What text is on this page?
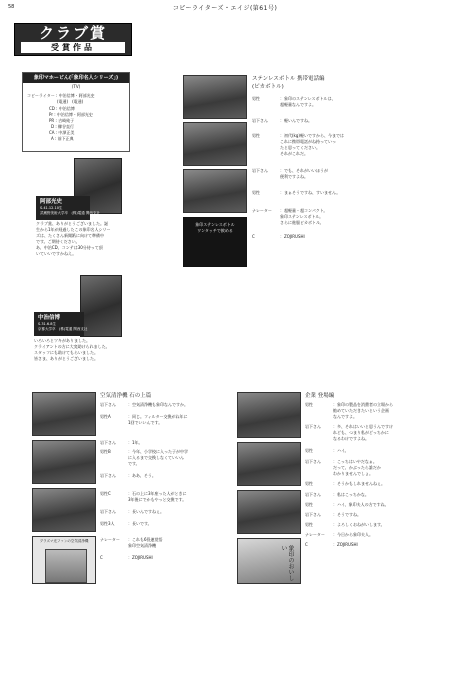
58	コピーライターズ・エイジ(第61号)
クラブ賞
受賞作品
象印マホービん(「象印名人シリーズ」)
(TV)
コピーライター : 中治信博・阿部光史
(電通)　(電通)
CD : 中治信博
Pr : 中治信博・阿部光史
PR : 吉崎純子
D : 櫛谷直行
CA : 中澤正美
A : 前下正典
阿部光史
S.41.12.10生
武蔵野美術大学卒　(株)電通 関西支社
クラブ賞、ありがとうございました。誕
生から1年が経過したこの象印名人シリー
ズは、たくさん新聞紙に向けて準備中
です。ご期待ください。
あ、中治CD、コンテは30分待って頂
いていいですかねえ。
中治信博
S.31.6.8生
京都大学卒　(株)電通 関西支社
いろいろとツキがありました。
クライアントの方に大変助けられました。
スタッフにも助けてもらいました。
皆さま、ありがとうございました。
象印ステンレスボトル
ワンタッチで飲める
ステンレスボトル 携帯電話編
(ピカボトル)
男性	：象印のステンレスボトルは、
超軽量なんですよ。
岩下さん	：軽いんですね。
男性	：初代(kg)軽いですから、今までは
これに携帯電話がね持っていっ
たと思ってください。
それがこれだ。
岩下さん	：でも、それがいいほうが
便利ですよね。
男性	：まぁそうですね、すいません。
ナレーター ：超軽量・超コンパクト。
象印ステンレスボトル。
さらに進服ピカボトル。
C	：ZOJIRUSHI
プラズマ光ファンの空気清浄機
空気清浄機 石の上篇
岩下さん	：空気清浄機も象印なんですか。
男性A	：同じ。フィルター交換がね年に
1回でいいんです。
岩下さん	：1年。
男性B	：今年、小学校に入った子が中学
に入るまで交換しなくていいん
です。
岩下さん	：ああ、そう。
男性C	：石の上に3年座った人がときに
3年後にでかもやっと交換です。
岩下さん	：長いんですねぇ。
男性3人	：長いです。
ナレーター ：これも6役連覚悟
象印空気清浄機
C	：ZOJIRUSHI	象印のおいしい
企業 登場編
男性	：象印の製品を消費者の立場から
勧めていただきたいという企画
なんですよ。
岩下さん	：多、それはいいと思うんですけ
れども、つまり私がどっちかに
なるわけですよね。
男性	：ハイ。
岩下さん	：こっちはいやだなぁ。
だって、かぶったら誰だか
わかりませんでしょ。
男性	：そうかもしれませんねぇ。
岩下さん	：私はこっちかな。
男性	：ハイ、象印夫人の方ですね。
岩下さん	：そうですね。
男性	：よろしくおねがいします。
ナレーター ：今日から象印夫人。
C	：ZOJIRUSHI
